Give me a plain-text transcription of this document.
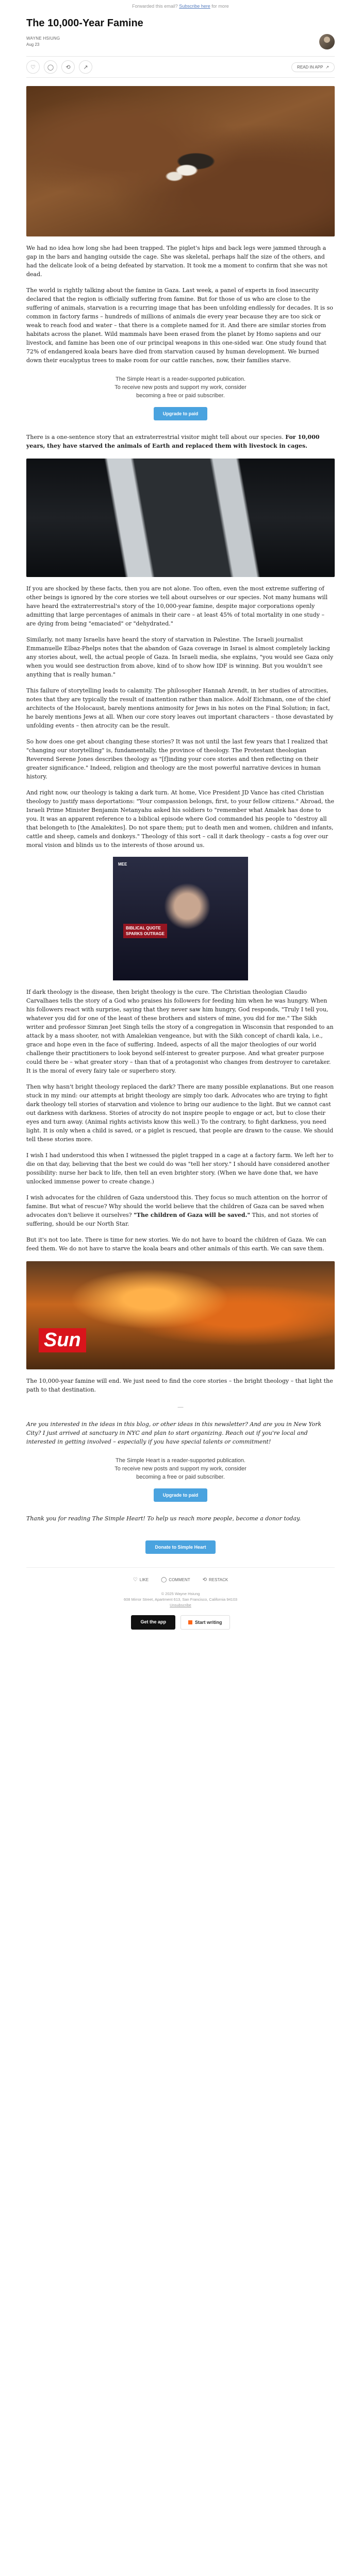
Forwarded this email? Subscribe here for more
The 10,000-Year Famine
WAYNE HSIUNG
Aug 23
♡	◯	⟲	↗	READ IN APP ↗

We had no idea how long she had been trapped. The piglet's hips and back legs were jammed through a gap in the bars and hanging outside the cage. She was skeletal, perhaps half the size of the others, and had the delicate look of a being defeated by starvation. It took me a moment to confirm that she was not dead.

The world is rightly talking about the famine in Gaza. Last week, a panel of experts in food insecurity declared that the region is officially suffering from famine. But for those of us who are close to the suffering of animals, starvation is a recurring image that has been unfolding endlessly for decades. It is so common in factory farms – hundreds of millions of animals die every year because they are too sick or weak to reach food and water – that there is a complete named for it. And there are similar stories from habitats across the planet. Wild mammals have been erased from the planet by Homo sapiens and our livestock, and famine has been one of our principal weapons in this one-sided war. One study found that 72% of endangered koala bears have died from starvation caused by human development. We burned down their eucalyptus trees to make room for our cattle ranches, now, their families starve.

The Simple Heart is a reader-supported publication.

To receive new posts and support my work, consider

becoming a free or paid subscriber.

Upgrade to paid

There is a one-sentence story that an extraterrestrial visitor might tell about our species. For 10,000 years, they have starved the animals of Earth and replaced them with livestock in cages.

If you are shocked by these facts, then you are not alone. Too often, even the most extreme suffering of other beings is ignored by the core stories we tell about ourselves or our species. Not many humans will have heard the extraterrestrial's story of the 10,000-year famine, despite major corporations openly admitting that large percentages of animals in their care – at least 45% of total mortality in one study – are dying from being "emaciated" or "dehydrated."

Similarly, not many Israelis have heard the story of starvation in Palestine. The Israeli journalist Emmanuelle Elbaz-Phelps notes that the abandon of Gaza coverage in Israel is almost completely lacking any stories about, well, the actual people of Gaza. In Israeli media, she explains, "you would see Gaza only when you would see destruction from above, kind of to show how IDF is winning. But you wouldn't see anything that is really human."

This failure of storytelling leads to calamity. The philosopher Hannah Arendt, in her studies of atrocities, notes that they are typically the result of inattention rather than malice. Adolf Eichmann, one of the chief architects of the Holocaust, barely mentions animosity for Jews in his notes on the Final Solution; in fact, he barely mentions Jews at all. When our core story leaves out important characters – those devastated by unfolding events – then atrocity can be the result.

So how does one get about changing these stories? It was not until the last few years that I realized that "changing our storytelling" is, fundamentally, the province of theology. The Protestant theologian Reverend Serene Jones describes theology as "[f]inding your core stories and then reflecting on their greater significance." Indeed, religion and theology are the most powerful narrative devices in human history.

And right now, our theology is taking a dark turn. At home, Vice President JD Vance has cited Christian theology to justify mass deportations: "Your compassion belongs, first, to your fellow citizens." Abroad, the Israeli Prime Minister Benjamin Netanyahu asked his soldiers to "remember what Amalek has done to you. It was an apparent reference to a biblical episode where God commanded his people to "destroy all that belongeth to [the Amalekites]. Do not spare them; put to death men and women, children and infants, cattle and sheep, camels and donkeys." Theology of this sort – call it dark theology – casts a fog over our moral vision and blinds us to the interests of those around us.

MEE
BIBLICAL QUOTE
SPARKS OUTRAGE

If dark theology is the disease, then bright theology is the cure. The Christian theologian Claudio Carvalhaes tells the story of a God who praises his followers for feeding him when he was hungry. When his followers react with surprise, saying that they never saw him hungry, God responds, "Truly I tell you, whatever you did for one of the least of these brothers and sisters of mine, you did for me." The Sikh writer and professor Simran Jeet Singh tells the story of a congregation in Wisconsin that responded to an attack by a mass shooter, not with Amalekian vengeance, but with the Sikh concept of chardi kala, i.e., grace and hope even in the face of suffering. Indeed, aspects of all the major theologies of our world challenge their practitioners to look beyond self-interest to greater purpose. And what greater purpose could there be – what greater story – than that of a protagonist who changes from destroyer to caretaker. It is the moral of every fairy tale or superhero story.

Then why hasn't bright theology replaced the dark? There are many possible explanations. But one reason stuck in my mind: our attempts at bright theology are simply too dark. Advocates who are trying to fight dark theology tell stories of starvation and violence to bring our audience to the light. But we cannot cast out darkness with darkness. Stories of atrocity do not inspire people to engage or act, but to close their eyes and turn away. (Animal rights activists know this well.) To the contrary, to fight darkness, you need light. It is only when a child is saved, or a piglet is rescued, that people are drawn to the cause. We should tell these stories more.

I wish I had understood this when I witnessed the piglet trapped in a cage at a factory farm. We left her to die on that day, believing that the best we could do was "tell her story." I should have considered another possibility: nurse her back to life, then tell an even brighter story. (When we have done that, we have unlocked immense power to create change.)

I wish advocates for the children of Gaza understood this. They focus so much attention on the horror of famine. But what of rescue? Why should the world believe that the children of Gaza can be saved when advocates don't believe it ourselves? "The children of Gaza will be saved." This, and not stories of suffering, should be our North Star.

But it's not too late. There is time for new stories. We do not have to board the children of Gaza. We can feed them. We do not have to starve the koala bears and other animals of this earth. We can save them.

Sun

The 10,000-year famine will end. We just need to find the core stories – the bright theology – that light the path to that destination.

—

Are you interested in the ideas in this blog, or other ideas in this newsletter? And are you in New York City? I just arrived at sanctuary in NYC and plan to start organizing. Reach out if you're local and interested in getting involved – especially if you have special talents or commitment!

The Simple Heart is a reader-supported publication.

To receive new posts and support my work, consider

becoming a free or paid subscriber.

Upgrade to paid

Thank you for reading The Simple Heart! To help us reach more people, become a donor today.

Donate to Simple Heart
♡ LIKE ◯ COMMENT ⟲ RESTACK
© 2025 Wayne Hsiung
608 Mirror Street, Apartment 613, San Francisco, California 94103
Unsubscribe
Get the app	Start writing
